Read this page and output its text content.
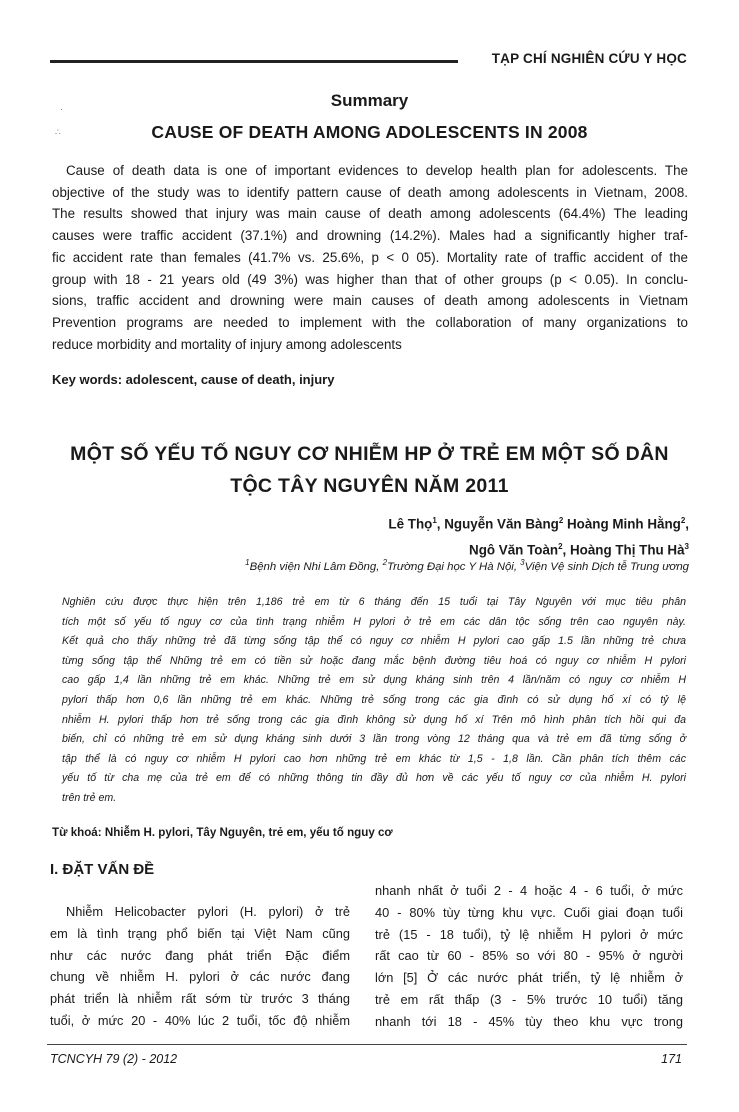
TẠP CHÍ NGHIÊN CỨU Y HỌC
·
∴
Summary
CAUSE OF DEATH AMONG ADOLESCENTS IN 2008
Cause of death data is one of important evidences to develop health plan for adolescents. The
objective of the study was to identify pattern cause of death among adolescents in Vietnam, 2008.
The results showed that injury was main cause of death among adolescents (64.4%) The leading
causes were traffic accident (37.1%) and drowning (14.2%). Males had a significantly higher traf-
fic accident rate than females (41.7% vs. 25.6%, p < 0 05). Mortality rate of traffic accident of the
group with 18 - 21 years old (49 3%) was higher than that of other groups (p < 0.05). In conclu-
sions, traffic accident and drowning were main causes of death among adolescents in Vietnam
Prevention programs are needed to implement with the collaboration of many organizations to
reduce morbidity and mortality of injury among adolescents
Key words: adolescent, cause of death, injury
MỘT SỐ YẾU TỐ NGUY CƠ NHIỄM HP Ở TRẺ EM MỘT SỐ DÂN
TỘC TÂY NGUYÊN NĂM 2011
Lê Thọ$^1$, Nguyễn Văn Bàng$^2$ Hoàng Minh Hằng$^2$,
Ngô Văn Toàn$^2$, Hoàng Thị Thu $Hà^3$
$^1$Bệnh viện Nhi Lâm Đồng, $^2$Trường Đại học Y Hà Nội, $^3$Viện Vệ sinh Dịch tễ Trung ương
Nghiên cứu được thực hiện trên 1,186 trẻ em từ 6 tháng đến 15 tuổi tại Tây Nguyên với mục tiêu phân
tích một số yếu tố nguy cơ của tình trạng nhiễm H pylori ở trẻ em các dân tộc sống trên cao nguyên này.
Kết quả cho thấy những trẻ đã từng sống tập thể có nguy cơ nhiễm H pylori cao gấp 1.5 lần những trẻ chưa
từng sống tập thể Những trẻ em có tiền sử hoặc đang mắc bệnh đường tiêu hoá có nguy cơ nhiễm H pylori
cao gấp 1,4 lần những trẻ em khác. Những trẻ em sử dụng kháng sinh trên 4 lần/năm có nguy cơ nhiễm H
pylori thấp hơn 0,6 lần những trẻ em khác. Những trẻ sống trong các gia đình có sử dụng hố xí có tỷ lệ
nhiễm H. pylori thấp hơn trẻ sống trong các gia đình không sử dụng hố xí Trên mô hình phân tích hồi qui đa
biến, chỉ có những trẻ em sử dụng kháng sinh dưới 3 lần trong vòng 12 tháng qua và trẻ em đã từng sống ở
tập thể là có nguy cơ nhiễm H pylori cao hơn những trẻ em khác từ 1,5 - 1,8 lần. Cần phân tích thêm các
yếu tố từ cha mẹ của trẻ em để có những thông tin đầy đủ hơn về các yếu tố nguy cơ của nhiễm H. pylori
trên trẻ em.
Từ khoá: Nhiễm H. pylori, Tây Nguyên, trẻ em, yếu tố nguy cơ
I. ĐẶT VẤN ĐỀ
Nhiễm Helicobacter pylori (H. pylori) ở trẻ
em là tình trạng phổ biến tại Việt Nam cũng
như các nước đang phát triển Đặc điểm
chung về nhiễm H. pylori ở các nước đang
phát triển là nhiễm rất sớm từ trước 3 tháng
tuổi, ở mức 20 - 40% lúc 2 tuổi, tốc độ nhiễm
nhanh nhất ở tuổi 2 - 4 hoặc 4 - 6 tuổi, ở mức
40 - 80% tùy từng khu vực. Cuối giai đoạn tuổi
trẻ (15 - 18 tuổi), tỷ lệ nhiễm H pylori ở mức
rất cao từ 60 - 85% so với 80 - 95% ở người
lớn [5] Ở các nước phát triển, tỷ lệ nhiễm ở
trẻ em rất thấp (3 - 5% trước 10 tuổi) tăng
nhanh tới 18 - 45% tùy theo khu vực trong
TCNCYH 79 (2) - 2012	171
